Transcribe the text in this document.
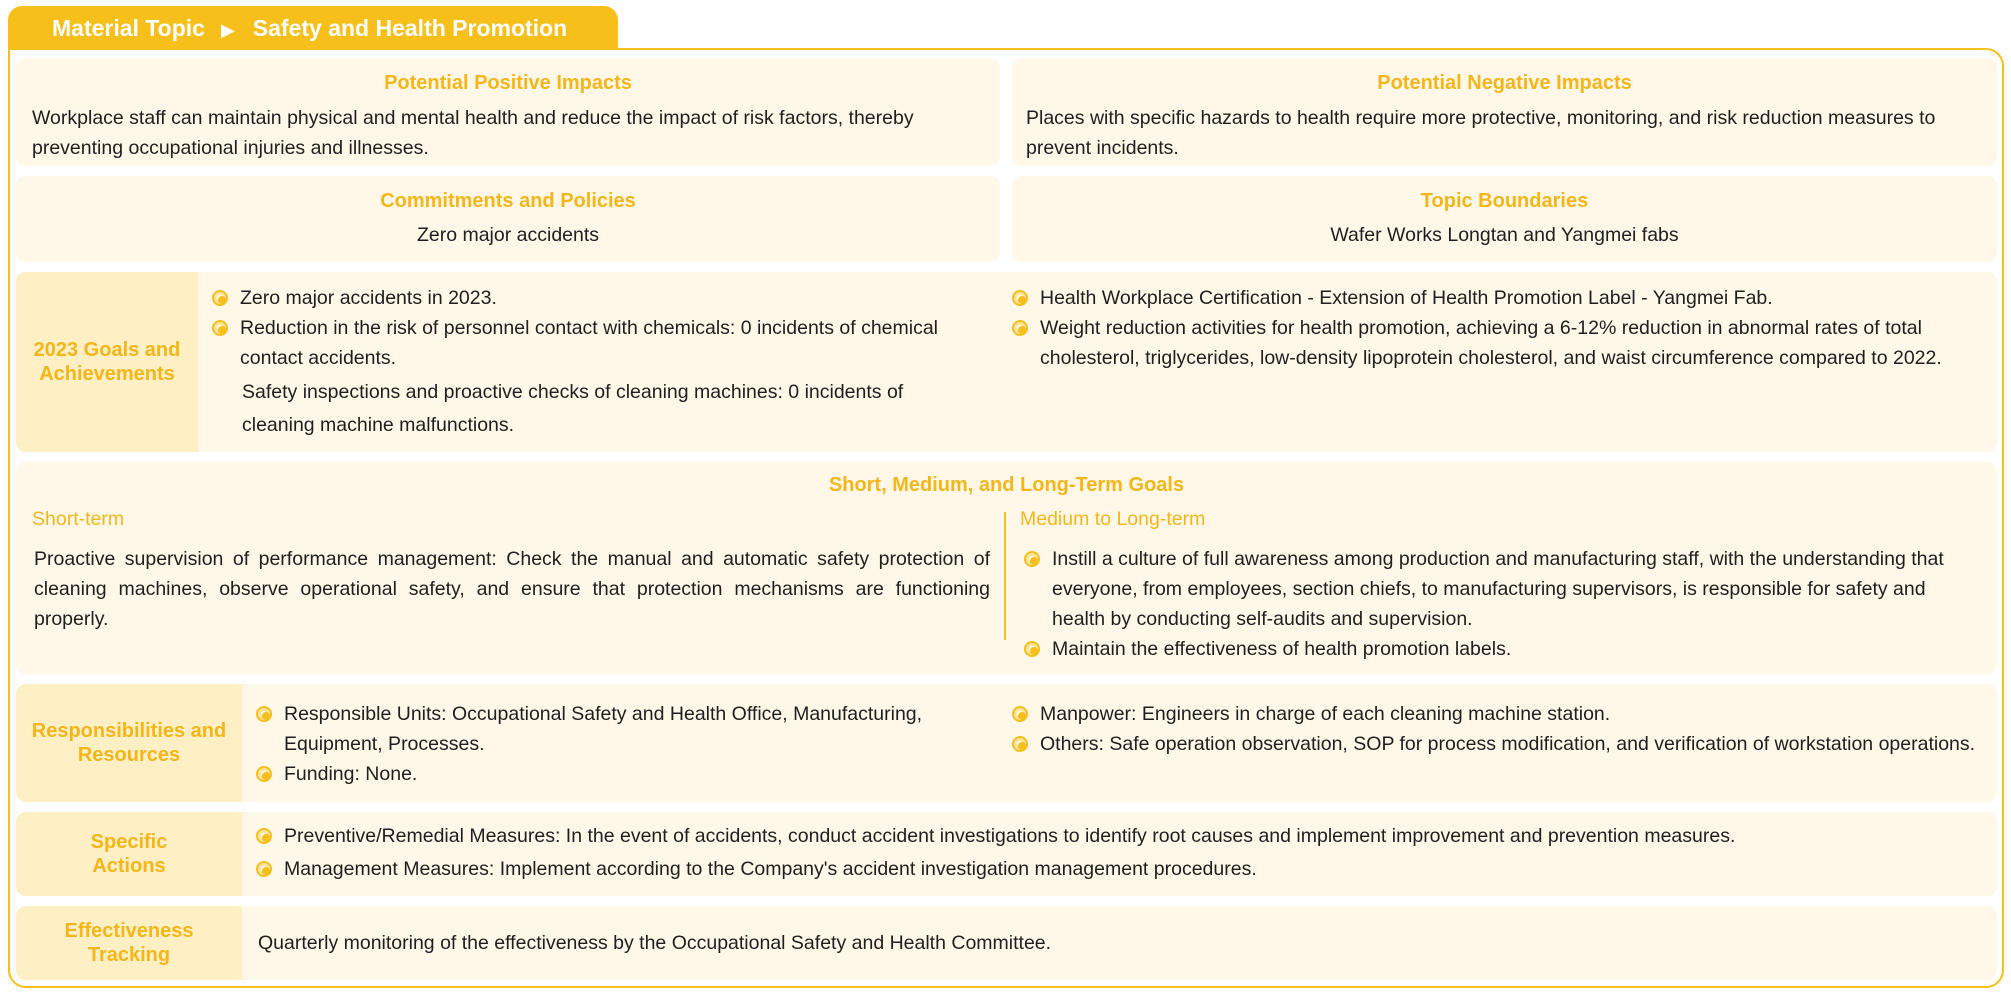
Material Topic ▶ Safety and Health Promotion
Potential Positive Impacts
Workplace staff can maintain physical and mental health and reduce the impact of risk factors, thereby preventing occupational injuries and illnesses.
Potential Negative Impacts
Places with specific hazards to health require more protective, monitoring, and risk reduction measures to prevent incidents.
Commitments and Policies
Zero major accidents
Topic Boundaries
Wafer Works Longtan and Yangmei fabs
2023 Goals and Achievements
Zero major accidents in 2023.
Reduction in the risk of personnel contact with chemicals: 0 incidents of chemical contact accidents.
Safety inspections and proactive checks of cleaning machines: 0 incidents of cleaning machine malfunctions.
Health Workplace Certification - Extension of Health Promotion Label - Yangmei Fab.
Weight reduction activities for health promotion, achieving a 6-12% reduction in abnormal rates of total cholesterol, triglycerides, low-density lipoprotein cholesterol, and waist circumference compared to 2022.
Short, Medium, and Long-Term Goals
Short-term
Proactive supervision of performance management: Check the manual and automatic safety protection of cleaning machines, observe operational safety, and ensure that protection mechanisms are functioning properly.
Medium to Long-term
Instill a culture of full awareness among production and manufacturing staff, with the understanding that everyone, from employees, section chiefs, to manufacturing supervisors, is responsible for safety and health by conducting self-audits and supervision.
Maintain the effectiveness of health promotion labels.
Responsibilities and Resources
Responsible Units: Occupational Safety and Health Office, Manufacturing, Equipment, Processes.
Funding: None.
Manpower: Engineers in charge of each cleaning machine station.
Others: Safe operation observation, SOP for process modification, and verification of workstation operations.
Specific Actions
Preventive/Remedial Measures: In the event of accidents, conduct accident investigations to identify root causes and implement improvement and prevention measures.
Management Measures: Implement according to the Company's accident investigation management procedures.
Effectiveness Tracking
Quarterly monitoring of the effectiveness by the Occupational Safety and Health Committee.
